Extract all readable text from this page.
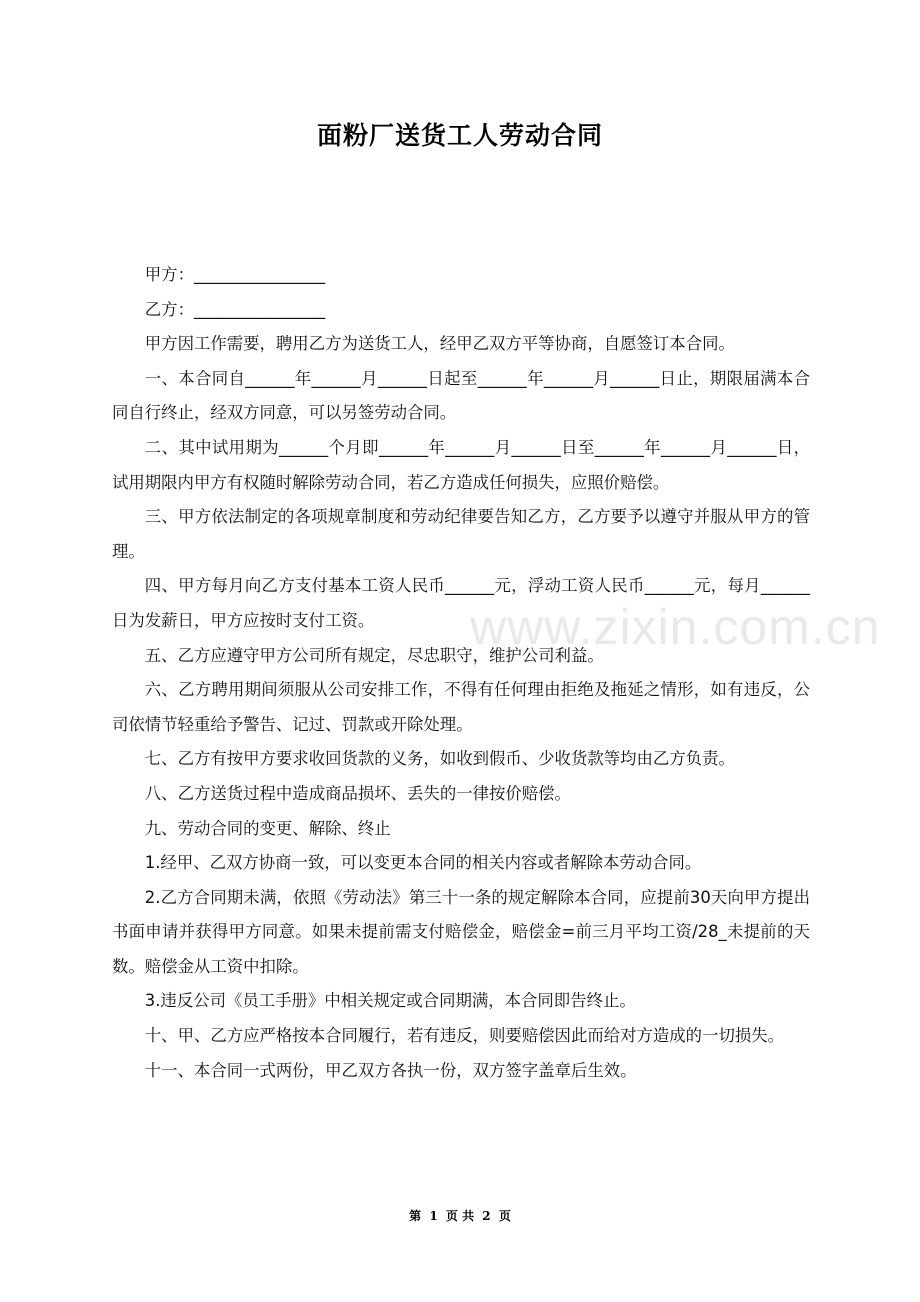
面粉厂送货工人劳动合同
www.zixin.com.cn

甲方：________________

乙方：________________

甲方因工作需要，聘用乙方为送货工人，经甲乙双方平等协商，自愿签订本合同。

一、本合同自______年______月______日起至______年______月______日止，期限届满本合同自行终止，经双方同意，可以另签劳动合同。

二、其中试用期为______个月即______年______月______日至______年______月______日，试用期限内甲方有权随时解除劳动合同，若乙方造成任何损失，应照价赔偿。

三、甲方依法制定的各项规章制度和劳动纪律要告知乙方，乙方要予以遵守并服从甲方的管理。

四、甲方每月向乙方支付基本工资人民币______元，浮动工资人民币______元，每月______日为发薪日，甲方应按时支付工资。

五、乙方应遵守甲方公司所有规定，尽忠职守，维护公司利益。

六、乙方聘用期间须服从公司安排工作，不得有任何理由拒绝及拖延之情形，如有违反，公司依情节轻重给予警告、记过、罚款或开除处理。

七、乙方有按甲方要求收回货款的义务，如收到假币、少收货款等均由乙方负责。

八、乙方送货过程中造成商品损坏、丢失的一律按价赔偿。

九、劳动合同的变更、解除、终止

1.经甲、乙双方协商一致，可以变更本合同的相关内容或者解除本劳动合同。

2.乙方合同期未满，依照《劳动法》第三十一条的规定解除本合同，应提前30天向甲方提出书面申请并获得甲方同意。如果未提前需支付赔偿金，赔偿金=前三月平均工资/28_未提前的天数。赔偿金从工资中扣除。

3.违反公司《员工手册》中相关规定或合同期满，本合同即告终止。

十、甲、乙方应严格按本合同履行，若有违反，则要赔偿因此而给对方造成的一切损失。

十一、本合同一式两份，甲乙双方各执一份，双方签字盖章后生效。

第 1 页 共 2 页
